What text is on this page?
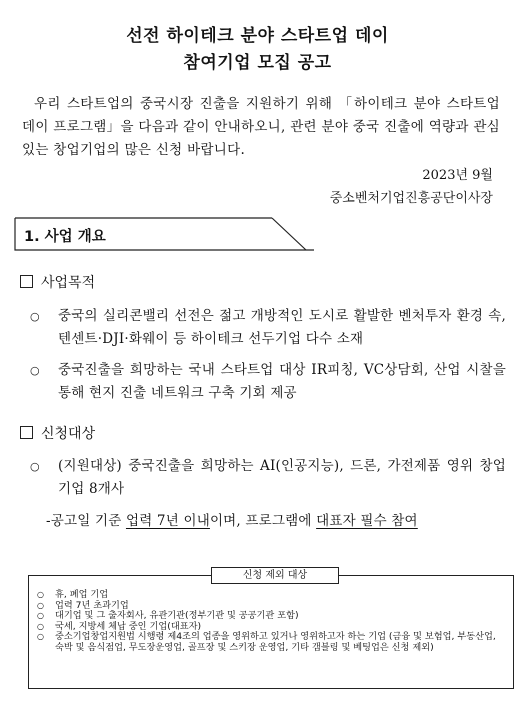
선전 하이테크 분야 스타트업 데이
참여기업 모집 공고
우리 스타트업의 중국시장 진출을 지원하기 위해 「하이테크 분야 스타트업 데이 프로그램」을 다음과 같이 안내하오니, 관련 분야 중국 진출에 역량과 관심 있는 창업기업의 많은 신청 바랍니다.
2023년 9월
중소벤처기업진흥공단이사장
1. 사업 개요
사업목적
○ 중국의 실리콘밸리 선전은 젊고 개방적인 도시로 활발한 벤처투자 환경 속, 텐센트·DJI·화웨이 등 하이테크 선두기업 다수 소재
○ 중국진출을 희망하는 국내 스타트업 대상 IR피칭, VC상담회, 산업 시찰을 통해 현지 진출 네트워크 구축 기회 제공
신청대상
○ (지원대상) 중국진출을 희망하는 AI(인공지능), 드론, 가전제품 영위 창업 기업 8개사
-공고일 기준 업력 7년 이내이며, 프로그램에 대표자 필수 참여
신청 제외 대상
○ 휴, 폐업 기업
○ 업력 7년 초과기업
○ 대기업 및 그 출자회사, 유관기관(정부기관 및 공공기관 포함)
○ 국세, 지방세 체납 중인 기업(대표자)
○ 중소기업창업지원법 시행령 제4조의 업종을 영위하고 있거나 영위하고자 하는 기업 (금융 및 보험업, 부동산업, 숙박 및 음식점업, 무도장운영업, 골프장 및 스키장 운영업, 기타 갬블링 및 베팅업은 신청 제외)
